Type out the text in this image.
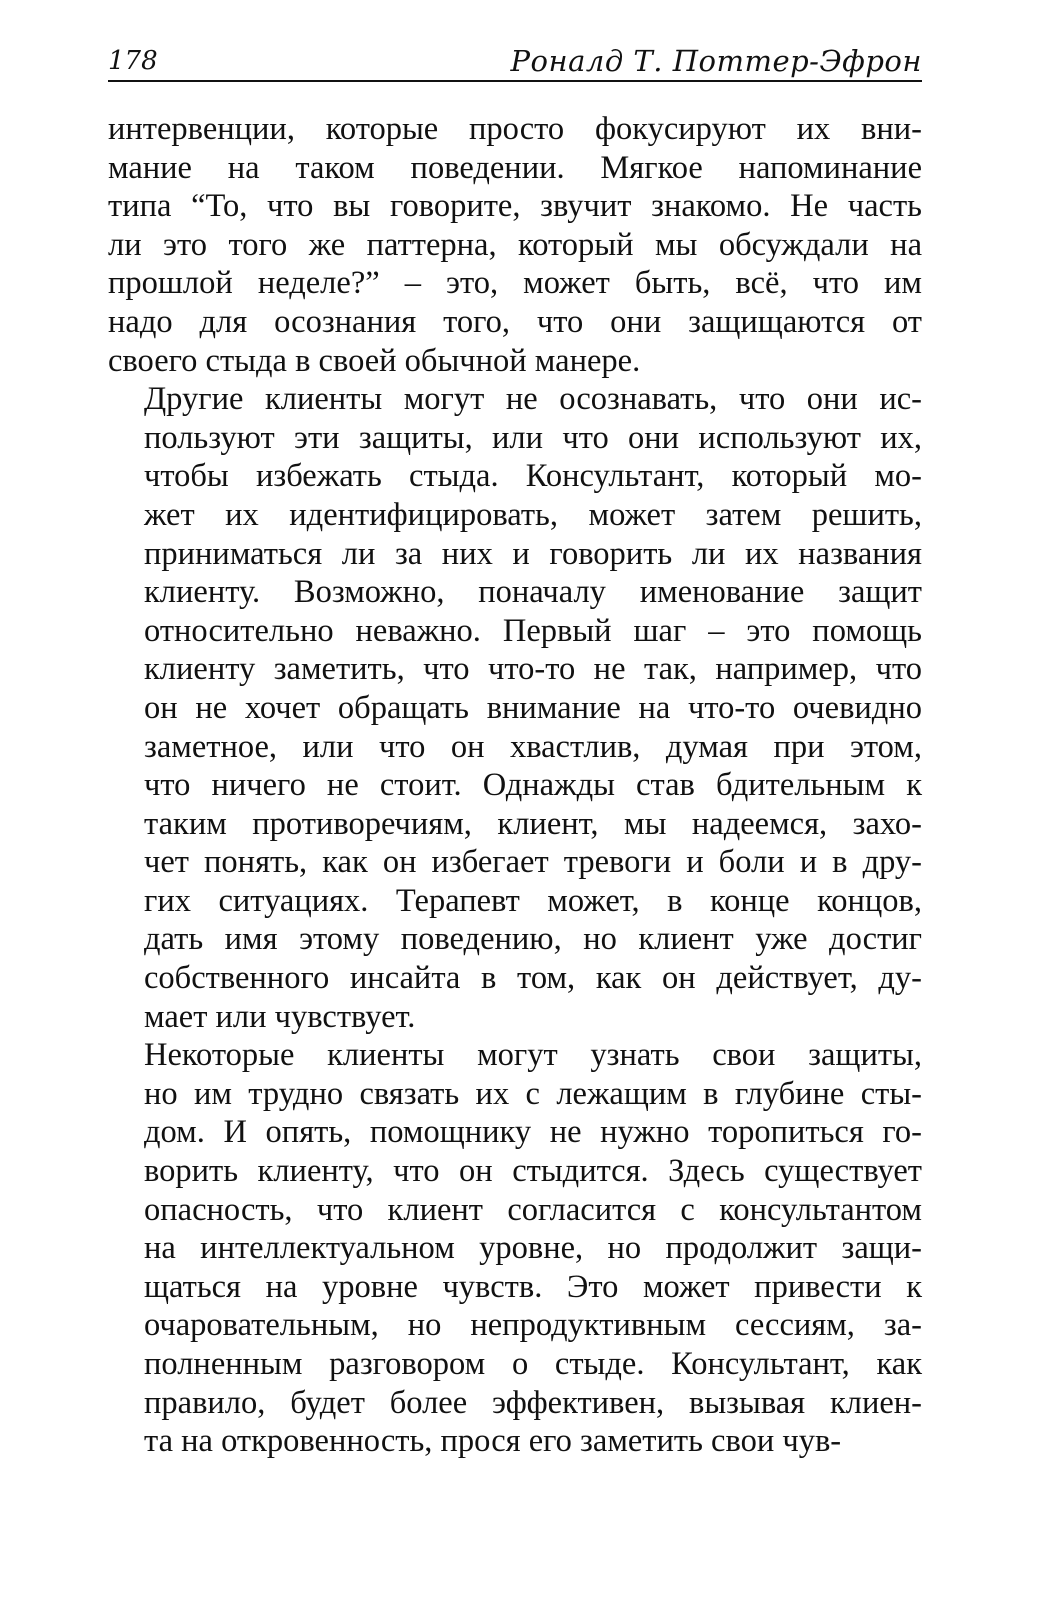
178	Роналд Т. Поттер-Эфрон

интервенции, которые просто фокусируют их вни-
мание на таком поведении. Мягкое напоминание
типа “То, что вы говорите, звучит знакомо. Не часть
ли это того же паттерна, который мы обсуждали на
прошлой неделе?” – это, может быть, всё, что им
надо для осознания того, что они защищаются от
своего стыда в своей обычной манере.

Другие клиенты могут не осознавать, что они ис-
пользуют эти защиты, или что они используют их,
чтобы избежать стыда. Консультант, который мо-
жет их идентифицировать, может затем решить,
приниматься ли за них и говорить ли их названия
клиенту. Возможно, поначалу именование защит
относительно неважно. Первый шаг – это помощь
клиенту заметить, что что-то не так, например, что
он не хочет обращать внимание на что-то очевидно
заметное, или что он хвастлив, думая при этом,
что ничего не стоит. Однажды став бдительным к
таким противоречиям, клиент, мы надеемся, захо-
чет понять, как он избегает тревоги и боли и в дру-
гих ситуациях. Терапевт может, в конце концов,
дать имя этому поведению, но клиент уже достиг
собственного инсайта в том, как он действует, ду-
мает или чувствует.

Некоторые клиенты могут узнать свои защиты,
но им трудно связать их с лежащим в глубине сты-
дом. И опять, помощнику не нужно торопиться го-
ворить клиенту, что он стыдится. Здесь существует
опасность, что клиент согласится с консультантом
на интеллектуальном уровне, но продолжит защи-
щаться на уровне чувств. Это может привести к
очаровательным, но непродуктивным сессиям, за-
полненным разговором о стыде. Консультант, как
правило, будет более эффективен, вызывая клиен-
та на откровенность, прося его заметить свои чув-
